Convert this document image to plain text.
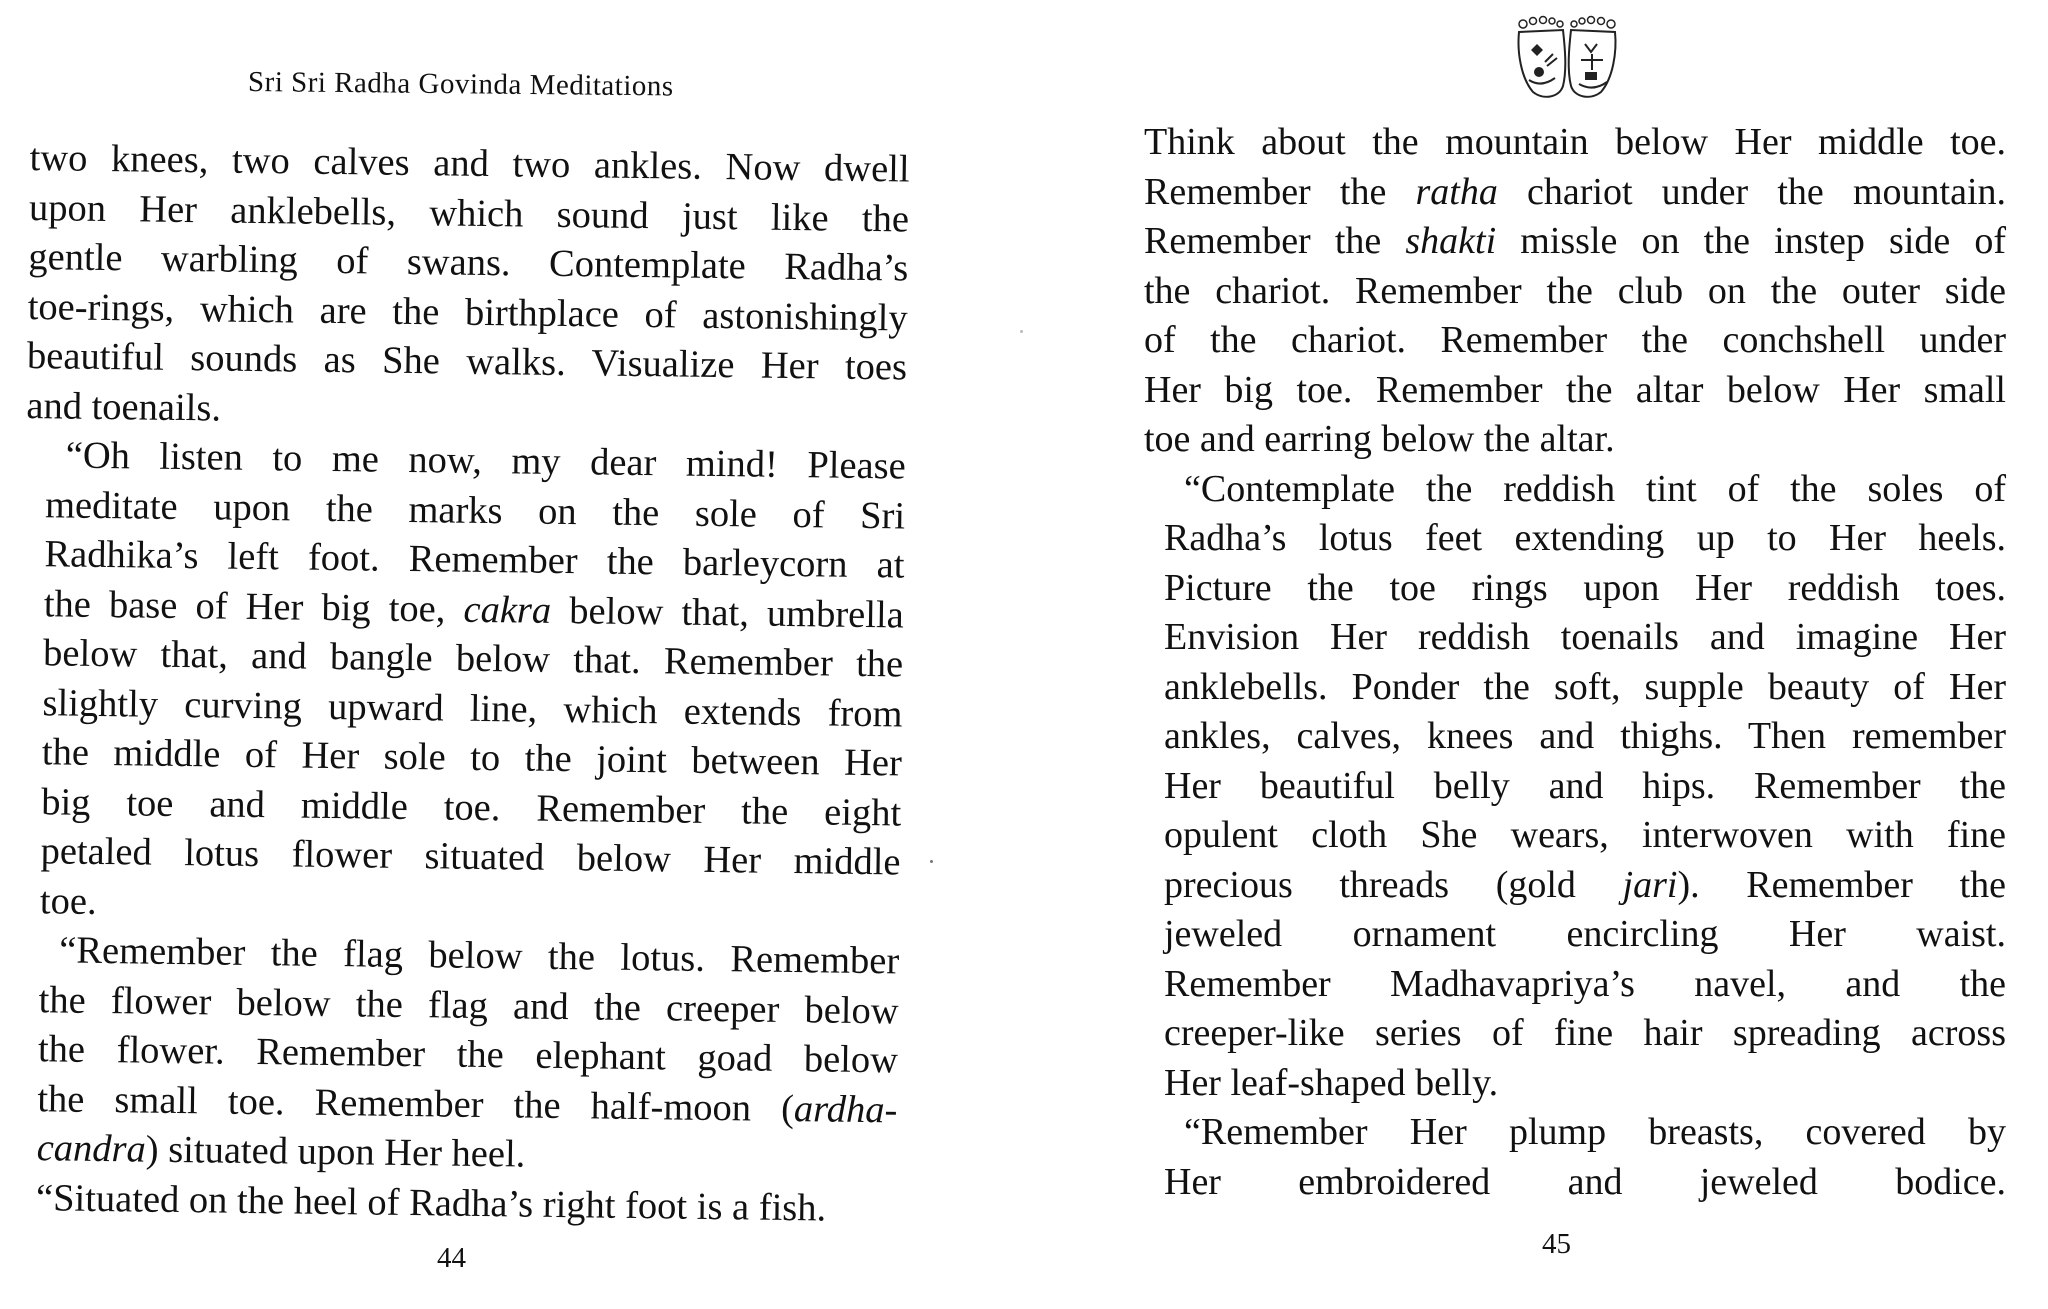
Sri Sri Radha Govinda Meditations
two knees, two calves and two ankles. Now dwell
upon Her anklebells, which sound just like the
gentle warbling of swans. Contemplate Radha’s
toe-rings, which are the birthplace of astonishingly
beautiful sounds as She walks. Visualize Her toes
and toenails.
“Oh listen to me now, my dear mind! Please
meditate upon the marks on the sole of Sri
Radhika’s left foot. Remember the barleycorn at
the base of Her big toe, cakra below that, umbrella
below that, and bangle below that. Remember the
slightly curving upward line, which extends from
the middle of Her sole to the joint between Her
big toe and middle toe. Remember the eight
petaled lotus flower situated below Her middle
toe.
“Remember the flag below the lotus. Remember
the flower below the flag and the creeper below
the flower. Remember the elephant goad below
the small toe. Remember the half-moon (ardha-
candra) situated upon Her heel.
“Situated on the heel of Radha’s right foot is a fish.
44
Think about the mountain below Her middle toe.
Remember the ratha chariot under the mountain.
Remember the shakti missle on the instep side of
the chariot. Remember the club on the outer side
of the chariot. Remember the conchshell under
Her big toe. Remember the altar below Her small
toe and earring below the altar.
“Contemplate the reddish tint of the soles of
Radha’s lotus feet extending up to Her heels.
Picture the toe rings upon Her reddish toes.
Envision Her reddish toenails and imagine Her
anklebells. Ponder the soft, supple beauty of Her
ankles, calves, knees and thighs. Then remember
Her beautiful belly and hips. Remember the
opulent cloth She wears, interwoven with fine
precious threads (gold jari). Remember the
jeweled ornament encircling Her waist.
Remember Madhavapriya’s navel, and the
creeper-like series of fine hair spreading across
Her leaf-shaped belly.
“Remember Her plump breasts, covered by
Her embroidered and jeweled bodice.
45
